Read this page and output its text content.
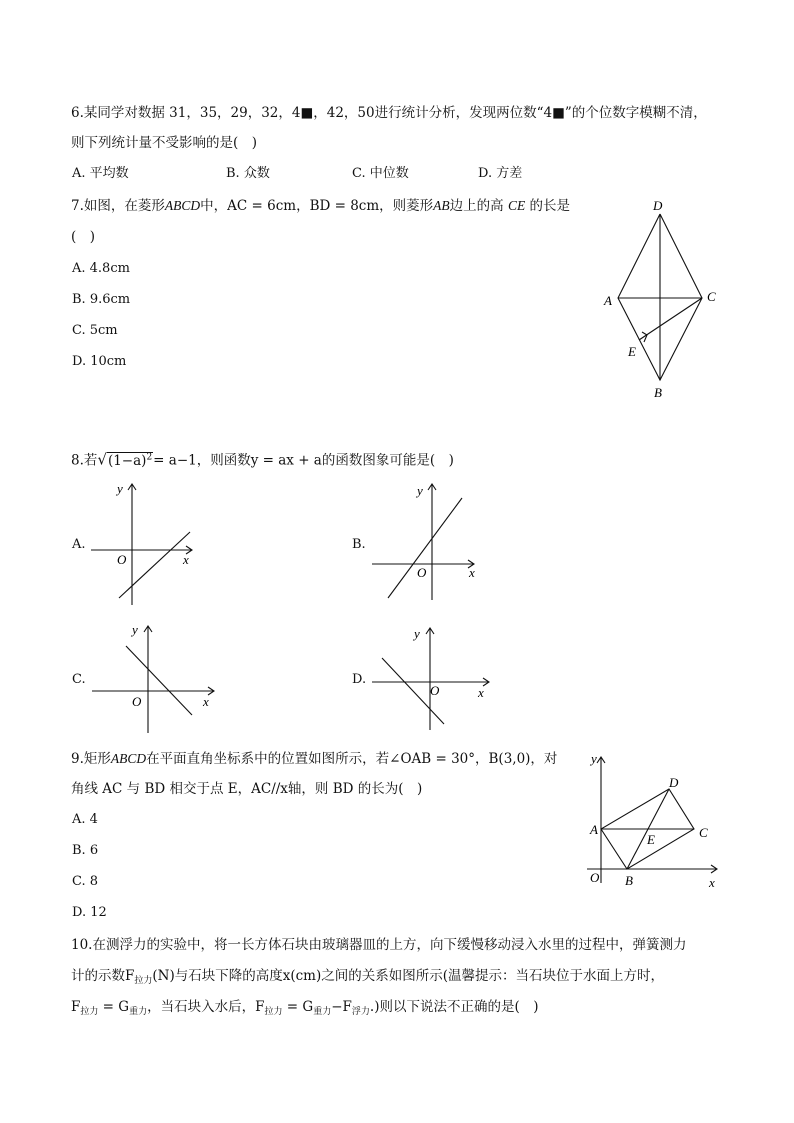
6.某同学对数据 31，35，29，32，4■，42，50进行统计分析，发现两位数“4■”的个位数字模糊不清，
则下列统计量不受影响的是(　)
A. 平均数	B. 众数	C. 中位数	D. 方差
7.如图，在菱形ABCD中，AC = 6cm，BD = 8cm，则菱形AB边上的高 CE 的长是
(　)
A. 4.8cm
B. 9.6cm
C. 5cm
D. 10cm
D
A	C
E
B
8.若$√(1-a)^2= a-1$，则函数y = ax + a的函数图象可能是(　)
A.	B.
C.	D.
y
x
O
y
x
O
y
x
O
y
x
O
9.矩形ABCD在平面直角坐标系中的位置如图所示，若∠OAB = 30°，B(3,0)，对
角线 AC 与 BD 相交于点 E，AC//x轴，则 BD 的长为(　)
A. 4
B. 6
C. 8
D. 12
y
D
A
E	C
O B	x
10.在测浮力的实验中，将一长方体石块由玻璃器皿的上方，向下缓慢移动浸入水里的过程中，弹簧测力
计的示数$F_{拉力}(N)$与石块下降的高度x(cm)之间的关系如图所示(温馨提示：当石块位于水面上方时，
$F_{拉力} = G_{重力}$，当石块入水后，$F_{拉力} = G_{重力}-F_{浮力}$.)则以下说法不正确的是(　)
